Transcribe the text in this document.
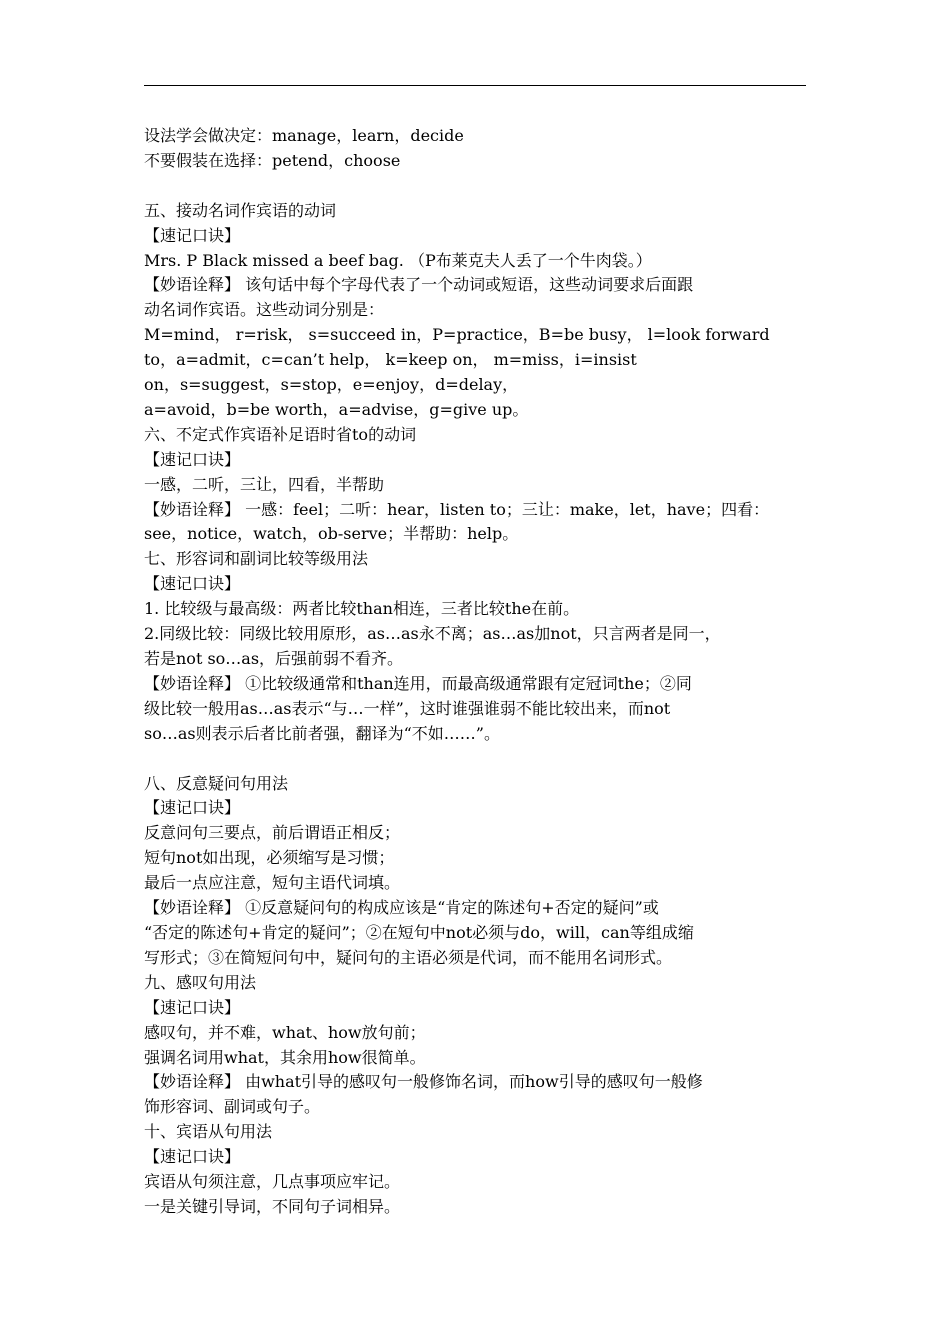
设法学会做决定：manage，learn，decide
不要假装在选择：petend，choose
五、接动名词作宾语的动词
【速记口诀】
Mrs. P Black missed a beef bag. （P布莱克夫人丢了一个牛肉袋。）
【妙语诠释】 该句话中每个字母代表了一个动词或短语，这些动词要求后面跟
动名词作宾语。这些动词分别是：
M=mind， r=risk， s=succeed in，P=practice，B=be busy， l=look forward
to，a=admit，c=can’t help， k=keep on， m=miss，i=insist
on，s=suggest，s=stop，e=enjoy，d=delay，
a=avoid，b=be worth，a=advise，g=give up。
六、不定式作宾语补足语时省to的动词
【速记口诀】
一感，二听，三让，四看，半帮助
【妙语诠释】 一感：feel；二听：hear，listen to；三让：make，let，have；四看：
see，notice，watch，ob-serve；半帮助：help。
七、形容词和副词比较等级用法
【速记口诀】
1. 比较级与最高级：两者比较than相连，三者比较the在前。
2.同级比较：同级比较用原形，as…as永不离；as…as加not，只言两者是同一，
若是not so…as，后强前弱不看齐。
【妙语诠释】 ①比较级通常和than连用，而最高级通常跟有定冠词the；②同
级比较一般用as…as表示“与…一样”，这时谁强谁弱不能比较出来，而not
so…as则表示后者比前者强，翻译为“不如……”。
八、反意疑问句用法
【速记口诀】
反意问句三要点，前后谓语正相反；
短句not如出现，必须缩写是习惯；
最后一点应注意，短句主语代词填。
【妙语诠释】 ①反意疑问句的构成应该是“肯定的陈述句+否定的疑问”或
“否定的陈述句+肯定的疑问”；②在短句中not必须与do，will，can等组成缩
写形式；③在简短问句中，疑问句的主语必须是代词，而不能用名词形式。
九、感叹句用法
【速记口诀】
感叹句，并不难，what、how放句前；
强调名词用what，其余用how很简单。
【妙语诠释】 由what引导的感叹句一般修饰名词，而how引导的感叹句一般修
饰形容词、副词或句子。
十、宾语从句用法
【速记口诀】
宾语从句须注意，几点事项应牢记。
一是关键引导词，不同句子词相异。
